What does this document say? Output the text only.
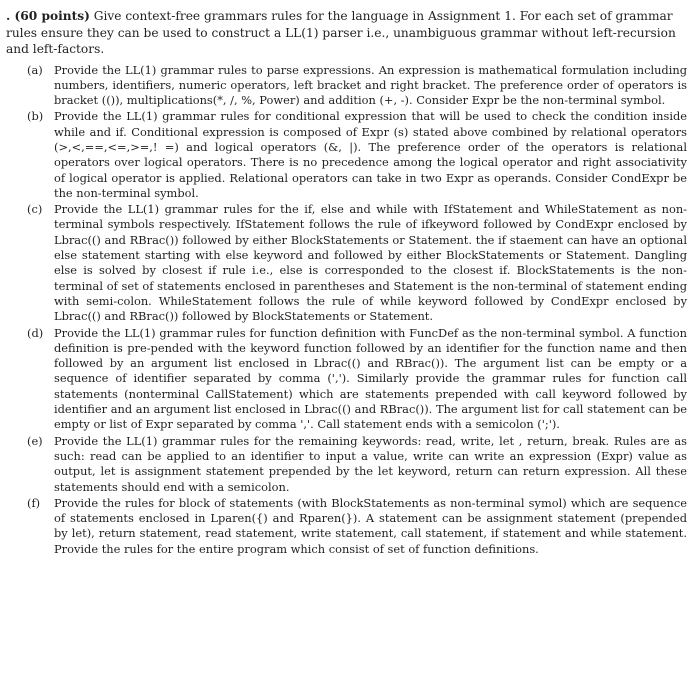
. (60 points) Give context-free grammars rules for the language in Assignment 1. For each set of grammar rules ensure they can be used to construct a LL(1) parser i.e., unambiguous grammar without left-recursion and left-factors.

(a) Provide the LL(1) grammar rules to parse expressions. An expression is mathematical formulation including numbers, identifiers, numeric operators, left bracket and right bracket. The preference order of operators is bracket (()), multiplications(*, /, %, Power) and addition (+, -). Consider Expr be the non-terminal symbol.
(b) Provide the LL(1) grammar rules for conditional expression that will be used to check the condition inside while and if. Conditional expression is composed of Expr (s) stated above combined by relational operators (>,<,==,<=,>=,! =) and logical operators (&, |). The preference order of the operators is relational operators over logical operators. There is no precedence among the logical operator and right associativity of logical operator is applied. Relational operators can take in two Expr as operands. Consider CondExpr be the non-terminal symbol.
(c) Provide the LL(1) grammar rules for the if, else and while with IfStatement and WhileStatement as non-terminal symbols respectively. IfStatement follows the rule of ifkeyword followed by CondExpr enclosed by Lbrac(() and RBrac()) followed by either BlockStatements or Statement. the if staement can have an optional else statement starting with else keyword and followed by either BlockStatements or Statement. Dangling else is solved by closest if rule i.e., else is corresponded to the closest if. BlockStatements is the non-terminal of set of statements enclosed in parentheses and Statement is the non-terminal of statement ending with semi-colon. WhileStatement follows the rule of while keyword followed by CondExpr enclosed by Lbrac(() and RBrac()) followed by BlockStatements or Statement.
(d) Provide the LL(1) grammar rules for function definition with FuncDef as the non-terminal symbol. A function definition is pre-pended with the keyword function followed by an identifier for the function name and then followed by an argument list enclosed in Lbrac(() and RBrac()). The argument list can be empty or a sequence of identifier separated by comma (','). Similarly provide the grammar rules for function call statements (nonterminal CallStatement) which are statements prepended with call keyword followed by identifier and an argument list enclosed in Lbrac(() and RBrac()). The argument list for call statement can be empty or list of Expr separated by comma ','. Call statement ends with a semicolon (';').
(e) Provide the LL(1) grammar rules for the remaining keywords: read, write, let , return, break. Rules are as such: read can be applied to an identifier to input a value, write can write an expression (Expr) value as output, let is assignment statement prepended by the let keyword, return can return expression. All these statements should end with a semicolon.
(f) Provide the rules for block of statements (with BlockStatements as non-terminal symol) which are sequence of statements enclosed in Lparen({) and Rparen(}). A statement can be assignment statement (prepended by let), return statement, read statement, write statement, call statement, if statement and while statement. Provide the rules for the entire program which consist of set of function definitions.
